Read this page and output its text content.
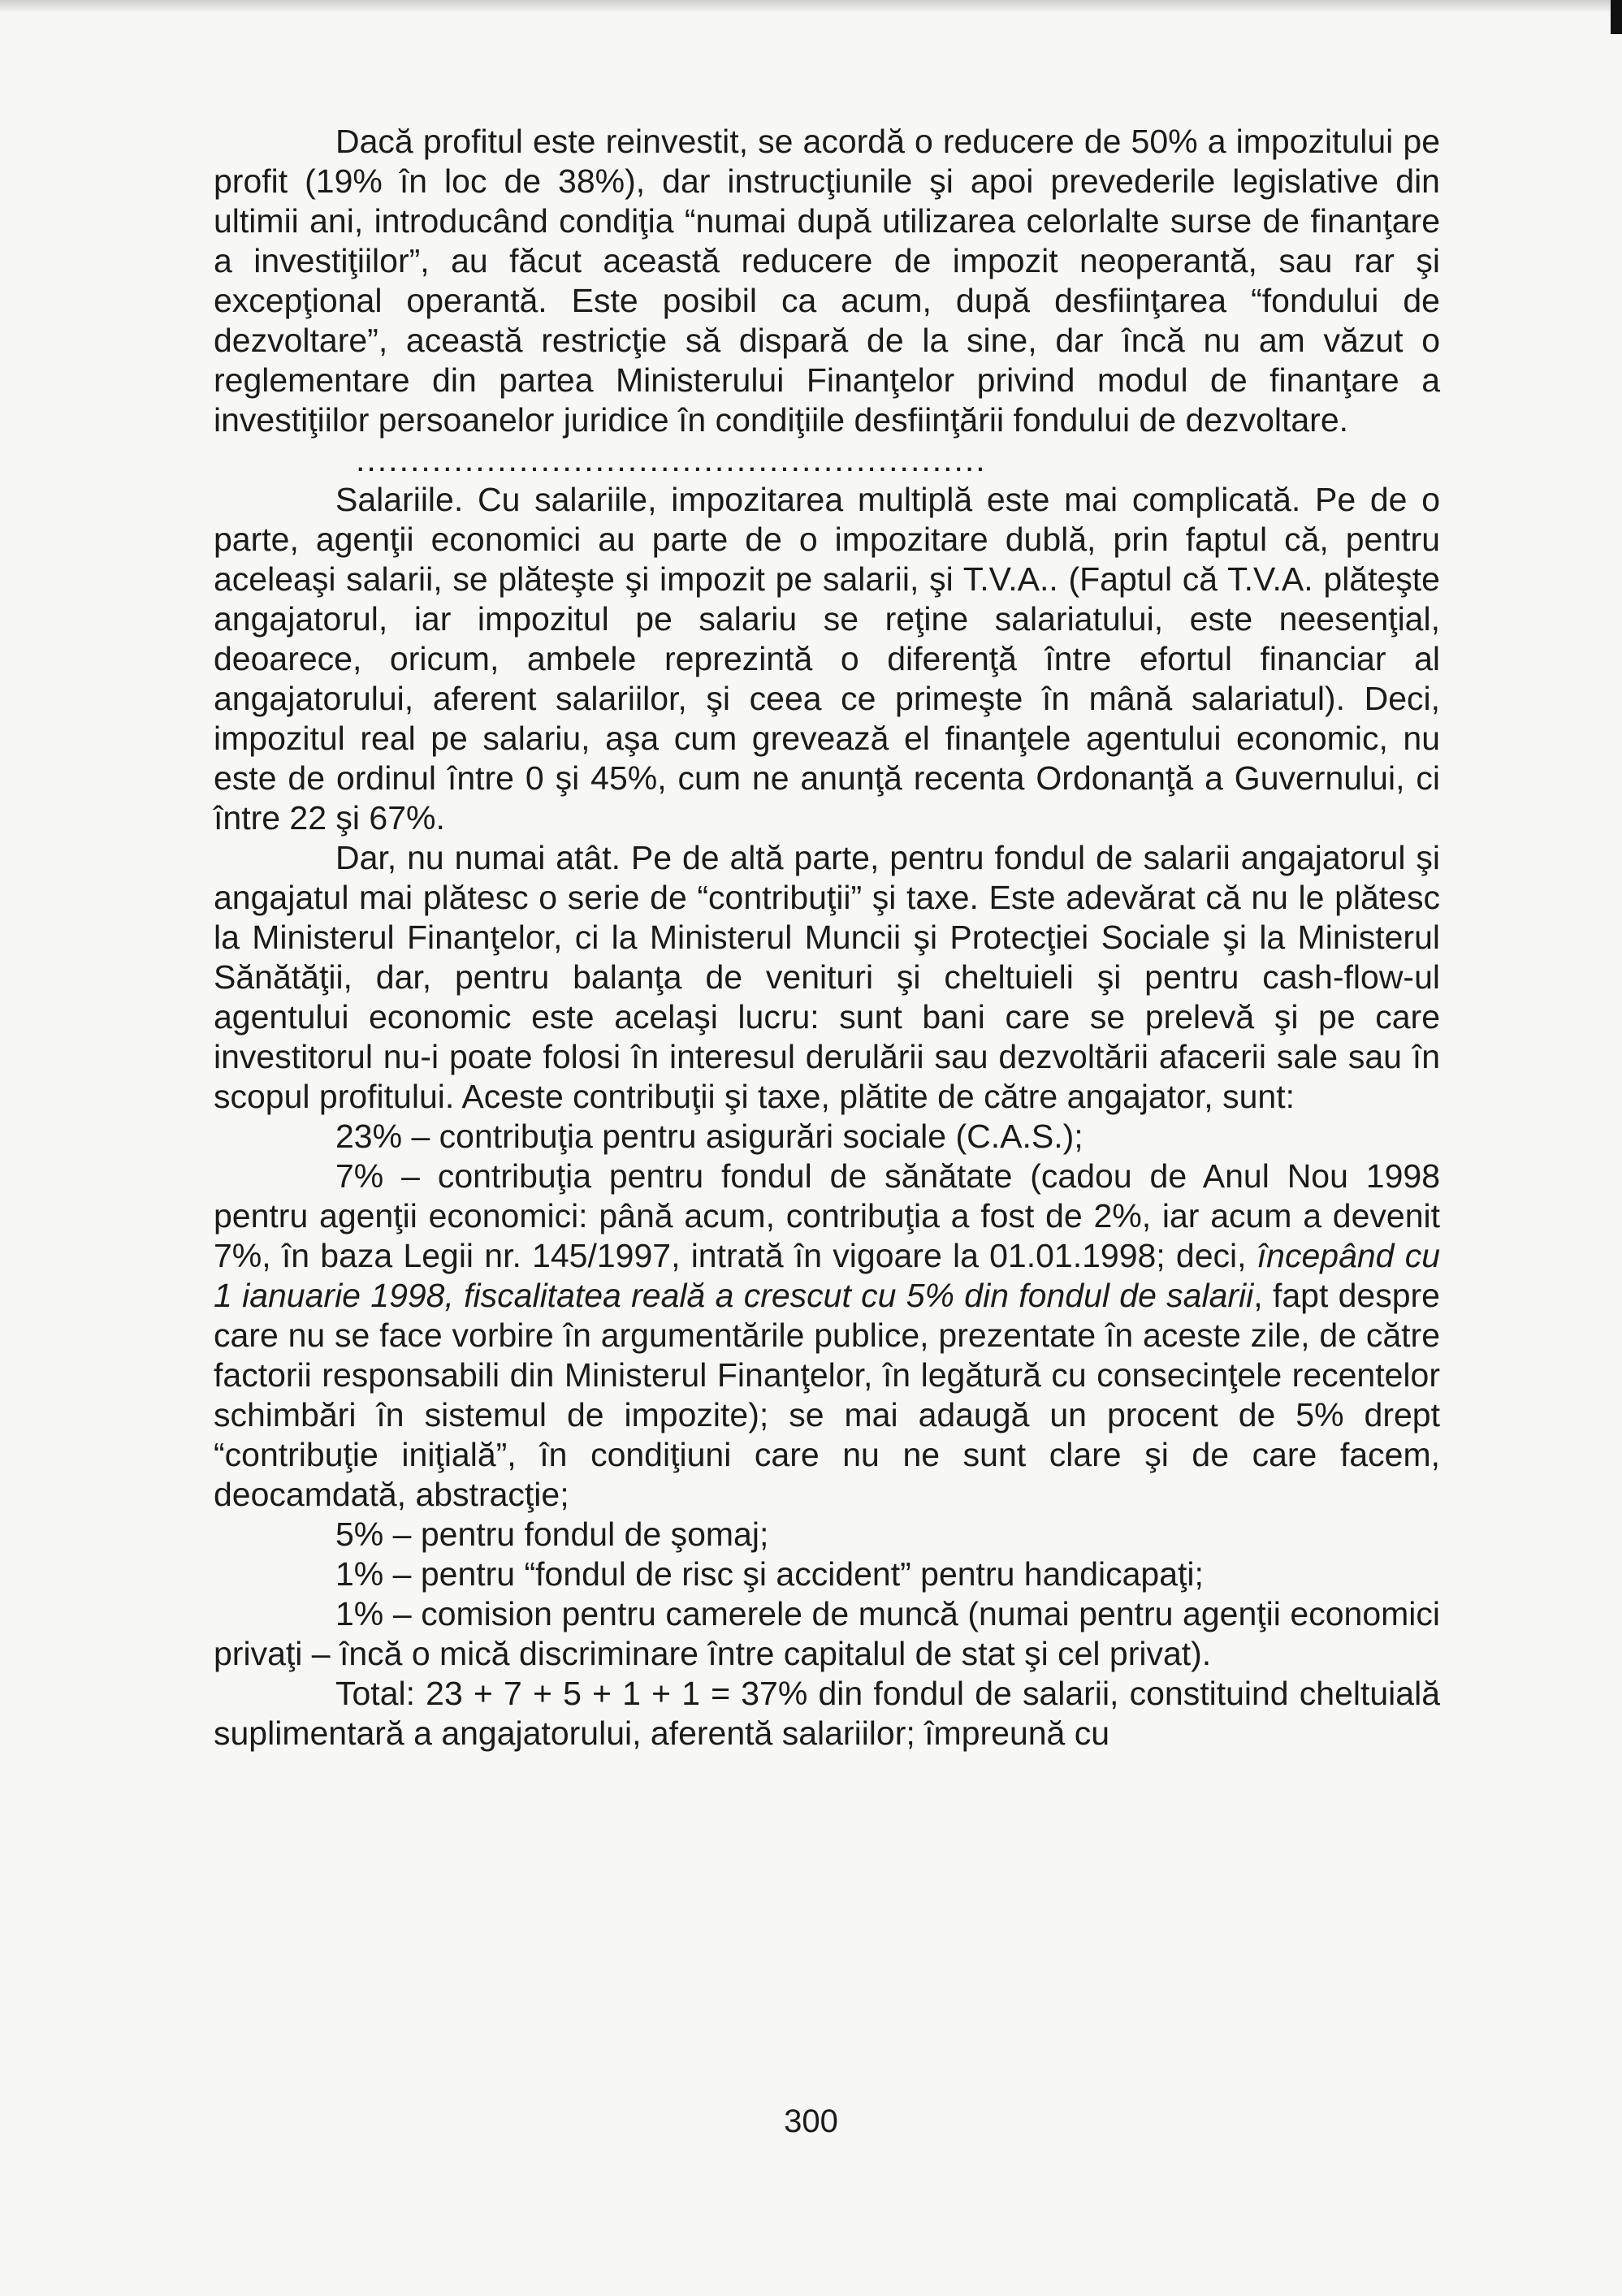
Dacă profitul este reinvestit, se acordă o reducere de 50% a impozitului pe profit (19% în loc de 38%), dar instrucţiunile şi apoi prevederile legislative din ultimii ani, introducând condiţia “numai după utilizarea celorlalte surse de finanţare a investiţiilor”, au făcut această reducere de impozit neoperantă, sau rar şi excepţional operantă. Este posibil ca acum, după desfiinţarea “fondului de dezvoltare”, această restricţie să dispară de la sine, dar încă nu am văzut o reglementare din partea Ministerului Finanţelor privind modul de finanţare a investiţiilor persoanelor juridice în condiţiile desfiinţării fondului de dezvoltare.

..........................................................

Salariile. Cu salariile, impozitarea multiplă este mai complicată. Pe de o parte, agenţii economici au parte de o impozitare dublă, prin faptul că, pentru aceleaşi salarii, se plăteşte şi impozit pe salarii, şi T.V.A.. (Faptul că T.V.A. plăteşte angajatorul, iar impozitul pe salariu se reţine salariatului, este neesenţial, deoarece, oricum, ambele reprezintă o diferenţă între efortul financiar al angajatorului, aferent salariilor, şi ceea ce primeşte în mână salariatul). Deci, impozitul real pe salariu, aşa cum grevează el finanţele agentului economic, nu este de ordinul între 0 şi 45%, cum ne anunţă recenta Ordonanţă a Guvernului, ci între 22 şi 67%.

Dar, nu numai atât. Pe de altă parte, pentru fondul de salarii angajatorul şi angajatul mai plătesc o serie de “contribuţii” şi taxe. Este adevărat că nu le plătesc la Ministerul Finanţelor, ci la Ministerul Muncii şi Protecţiei Sociale şi la Ministerul Sănătăţii, dar, pentru balanţa de venituri şi cheltuieli şi pentru cash-flow-ul agentului economic este acelaşi lucru: sunt bani care se prelevă şi pe care investitorul nu-i poate folosi în interesul derulării sau dezvoltării afacerii sale sau în scopul profitului. Aceste contribuţii şi taxe, plătite de către angajator, sunt:

23% – contribuţia pentru asigurări sociale (C.A.S.);

7% – contribuţia pentru fondul de sănătate (cadou de Anul Nou 1998 pentru agenţii economici: până acum, contribuţia a fost de 2%, iar acum a devenit 7%, în baza Legii nr. 145/1997, intrată în vigoare la 01.01.1998; deci, începând cu 1 ianuarie 1998, fiscalitatea reală a crescut cu 5% din fondul de salarii, fapt despre care nu se face vorbire în argumentările publice, prezentate în aceste zile, de către factorii responsabili din Ministerul Finanţelor, în legătură cu consecinţele recentelor schimbări în sistemul de impozite); se mai adaugă un procent de 5% drept “contribuţie iniţială”, în condiţiuni care nu ne sunt clare şi de care facem, deocamdată, abstracţie;

5% – pentru fondul de şomaj;

1% – pentru “fondul de risc şi accident” pentru handicapaţi;

1% – comision pentru camerele de muncă (numai pentru agenţii economici privaţi – încă o mică discriminare între capitalul de stat şi cel privat).

Total: 23 + 7 + 5 + 1 + 1 = 37% din fondul de salarii, constituind cheltuială suplimentară a angajatorului, aferentă salariilor; împreună cu

300
